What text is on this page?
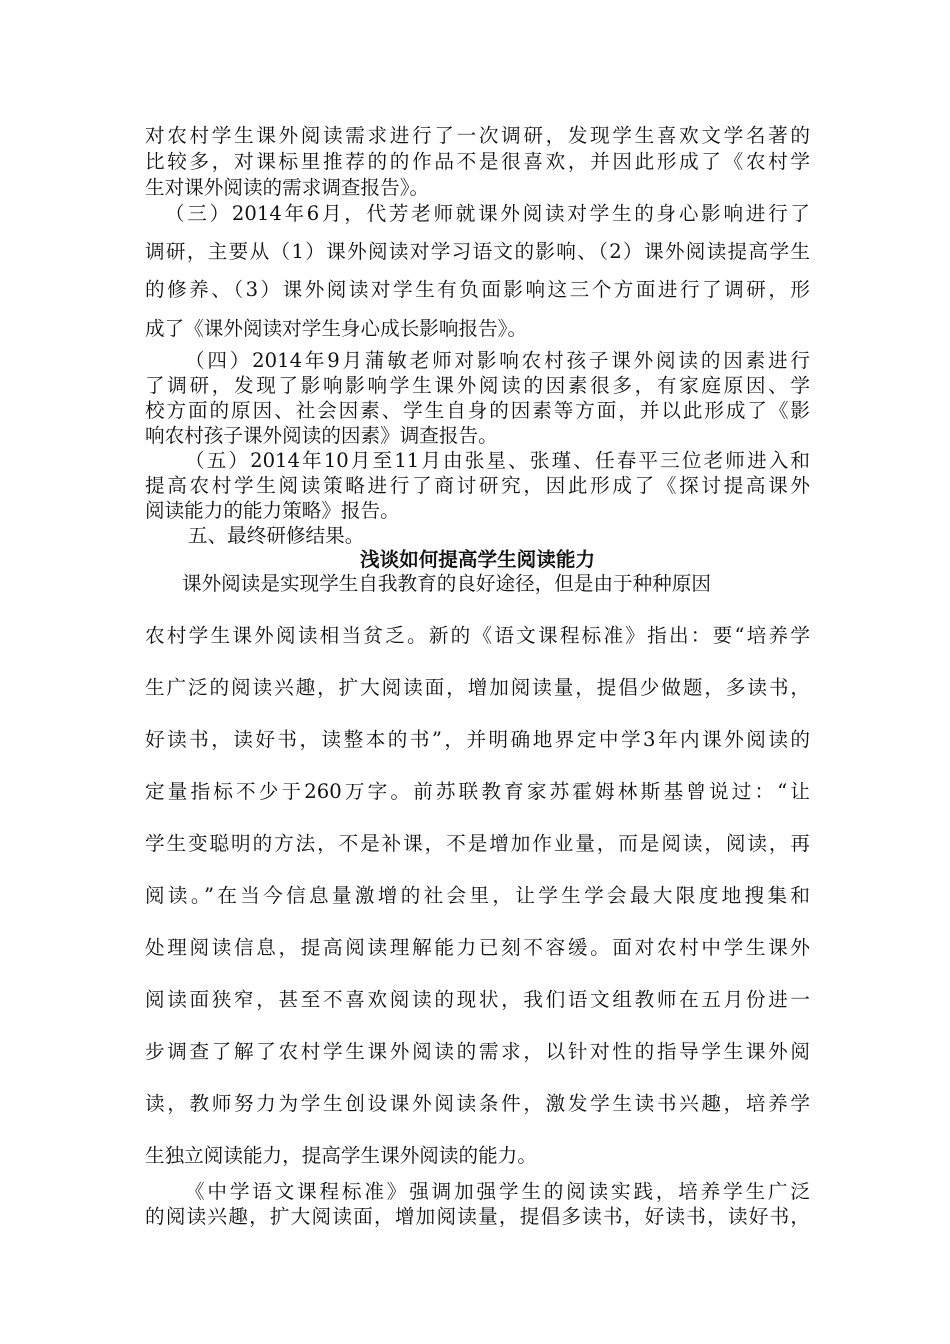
对农村学生课外阅读需求进行了一次调研，发现学生喜欢文学名著的
比较多，对课标里推荐的的作品不是很喜欢，并因此形成了《农村学
生对课外阅读的需求调查报告》。
（三）2014年6月，代芳老师就课外阅读对学生的身心影响进行了
调研，主要从（1）课外阅读对学习语文的影响、（2）课外阅读提高学生
的修养、（3）课外阅读对学生有负面影响这三个方面进行了调研，形
成了《课外阅读对学生身心成长影响报告》。
（四）2014年9月蒲敏老师对影响农村孩子课外阅读的因素进行
了调研，发现了影响影响学生课外阅读的因素很多，有家庭原因、学
校方面的原因、社会因素、学生自身的因素等方面，并以此形成了《影
响农村孩子课外阅读的因素》调查报告。
（五）2014年10月至11月由张星、张瑾、任春平三位老师进入和
提高农村学生阅读策略进行了商讨研究，因此形成了《探讨提高课外
阅读能力的能力策略》报告。
五、最终研修结果。
浅谈如何提高学生阅读能力
课外阅读是实现学生自我教育的良好途径，但是由于种种原因
农村学生课外阅读相当贫乏。新的《语文课程标准》指出：要“培养学
生广泛的阅读兴趣，扩大阅读面，增加阅读量，提倡少做题，多读书，
好读书，读好书，读整本的书”，并明确地界定中学3年内课外阅读的
定量指标不少于260万字。前苏联教育家苏霍姆林斯基曾说过：“让
学生变聪明的方法，不是补课，不是增加作业量，而是阅读，阅读，再
阅读。”在当今信息量激增的社会里，让学生学会最大限度地搜集和
处理阅读信息，提高阅读理解能力已刻不容缓。面对农村中学生课外
阅读面狭窄，甚至不喜欢阅读的现状，我们语文组教师在五月份进一
步调查了解了农村学生课外阅读的需求，以针对性的指导学生课外阅
读，教师努力为学生创设课外阅读条件，激发学生读书兴趣，培养学
生独立阅读能力，提高学生课外阅读的能力。
《中学语文课程标准》强调加强学生的阅读实践，培养学生广泛
的阅读兴趣，扩大阅读面，增加阅读量，提倡多读书，好读书，读好书，
